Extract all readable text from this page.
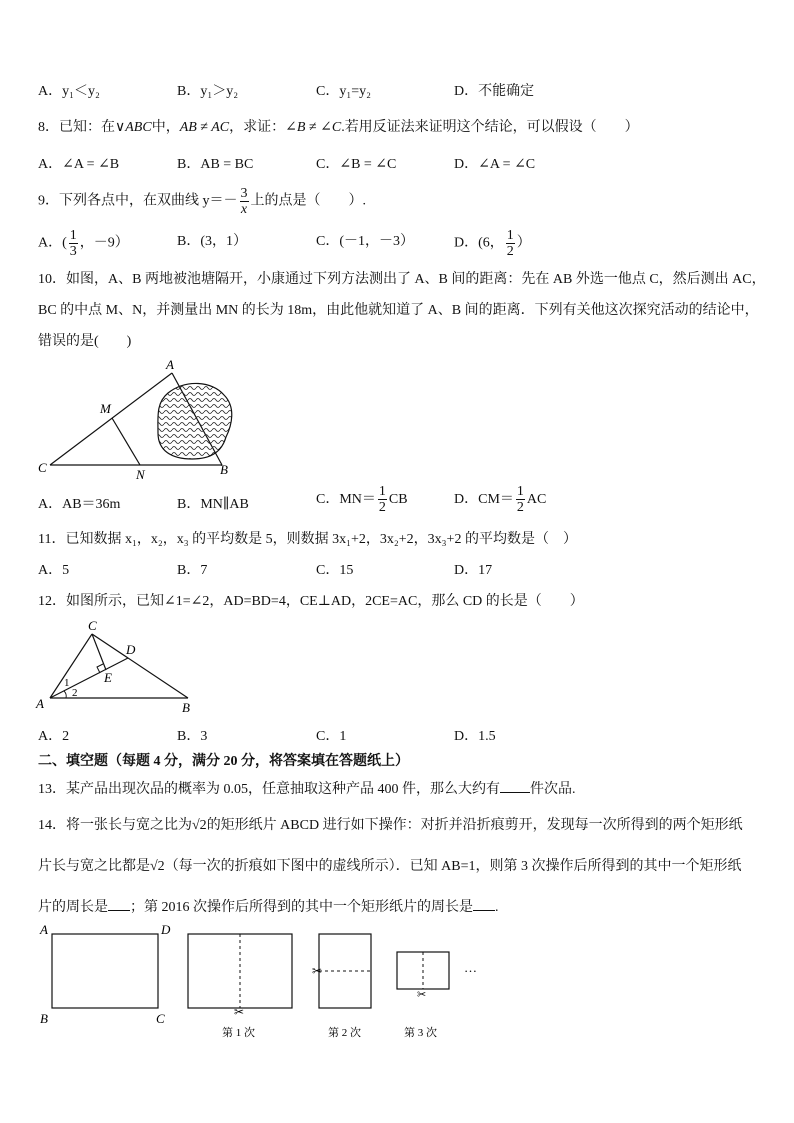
A．y₁＜y₂	B．y₁＞y₂	C．y₁=y₂	D．不能确定
8．已知：在∨ABC中，AB ≠ AC，求证：∠B ≠ ∠C.若用反证法来证明这个结论，可以假设（　　）
A．∠A = ∠B	B．AB = BC	C．∠B = ∠C	D．∠A = ∠C
9．下列各点中，在双曲线 $y=- \frac{3}{x}$ 上的点是（　　）.
A．( $\frac{1}{3}$ ，－9）	B．(3，1）	C．(－1，－3）	D．(6， $\frac{1}{2}$ ）
10．如图，A、B 两地被池塘隔开，小康通过下列方法测出了 A、B 间的距离：先在 AB 外选一他点 C，然后测出 AC，
BC 的中点 M、N，并测量出 MN 的长为 18m，由此他就知道了 A、B 间的距离．下列有关他这次探究活动的结论中，
错误的是(　　)
A
M
C	N	B
A．AB＝36m	B．MN∥AB	C．$MN= \frac{1}{2}$ CB	D．$CM= \frac{1}{2}$ AC
11．已知数据 x₁，x₂，x₃ 的平均数是 5，则数据 3x₁+2，3x₂+2，3x₃+2 的平均数是（　）
A．5	B．7	C．15	D．17
12．如图所示，已知∠1=∠2，AD=BD=4，CE⊥AD，2CE=AC，那么 CD 的长是（　　）
C
D
E
A	B
1
2
A．2	B．3	C．1	D．1.5
二、填空题（每题 4 分，满分 20 分，将答案填在答题纸上）
13．某产品出现次品的概率为 0.05，任意抽取这种产品 400 件，那么大约有 件次品.
14．将一张长与宽之比为√2的矩形纸片 ABCD 进行如下操作：对折并沿折痕剪开，发现每一次所得到的两个矩形纸
片长与宽之比都是√2（每一次的折痕如下图中的虚线所示）．已知 AB=1，则第 3 次操作后所得到的其中一个矩形纸
片的周长是 ；第 2016 次操作后所得到的其中一个矩形纸片的周长是 .
A	D
B	C	✂
第 1 次
✂
第 2 次
✂
第 3 次
…
